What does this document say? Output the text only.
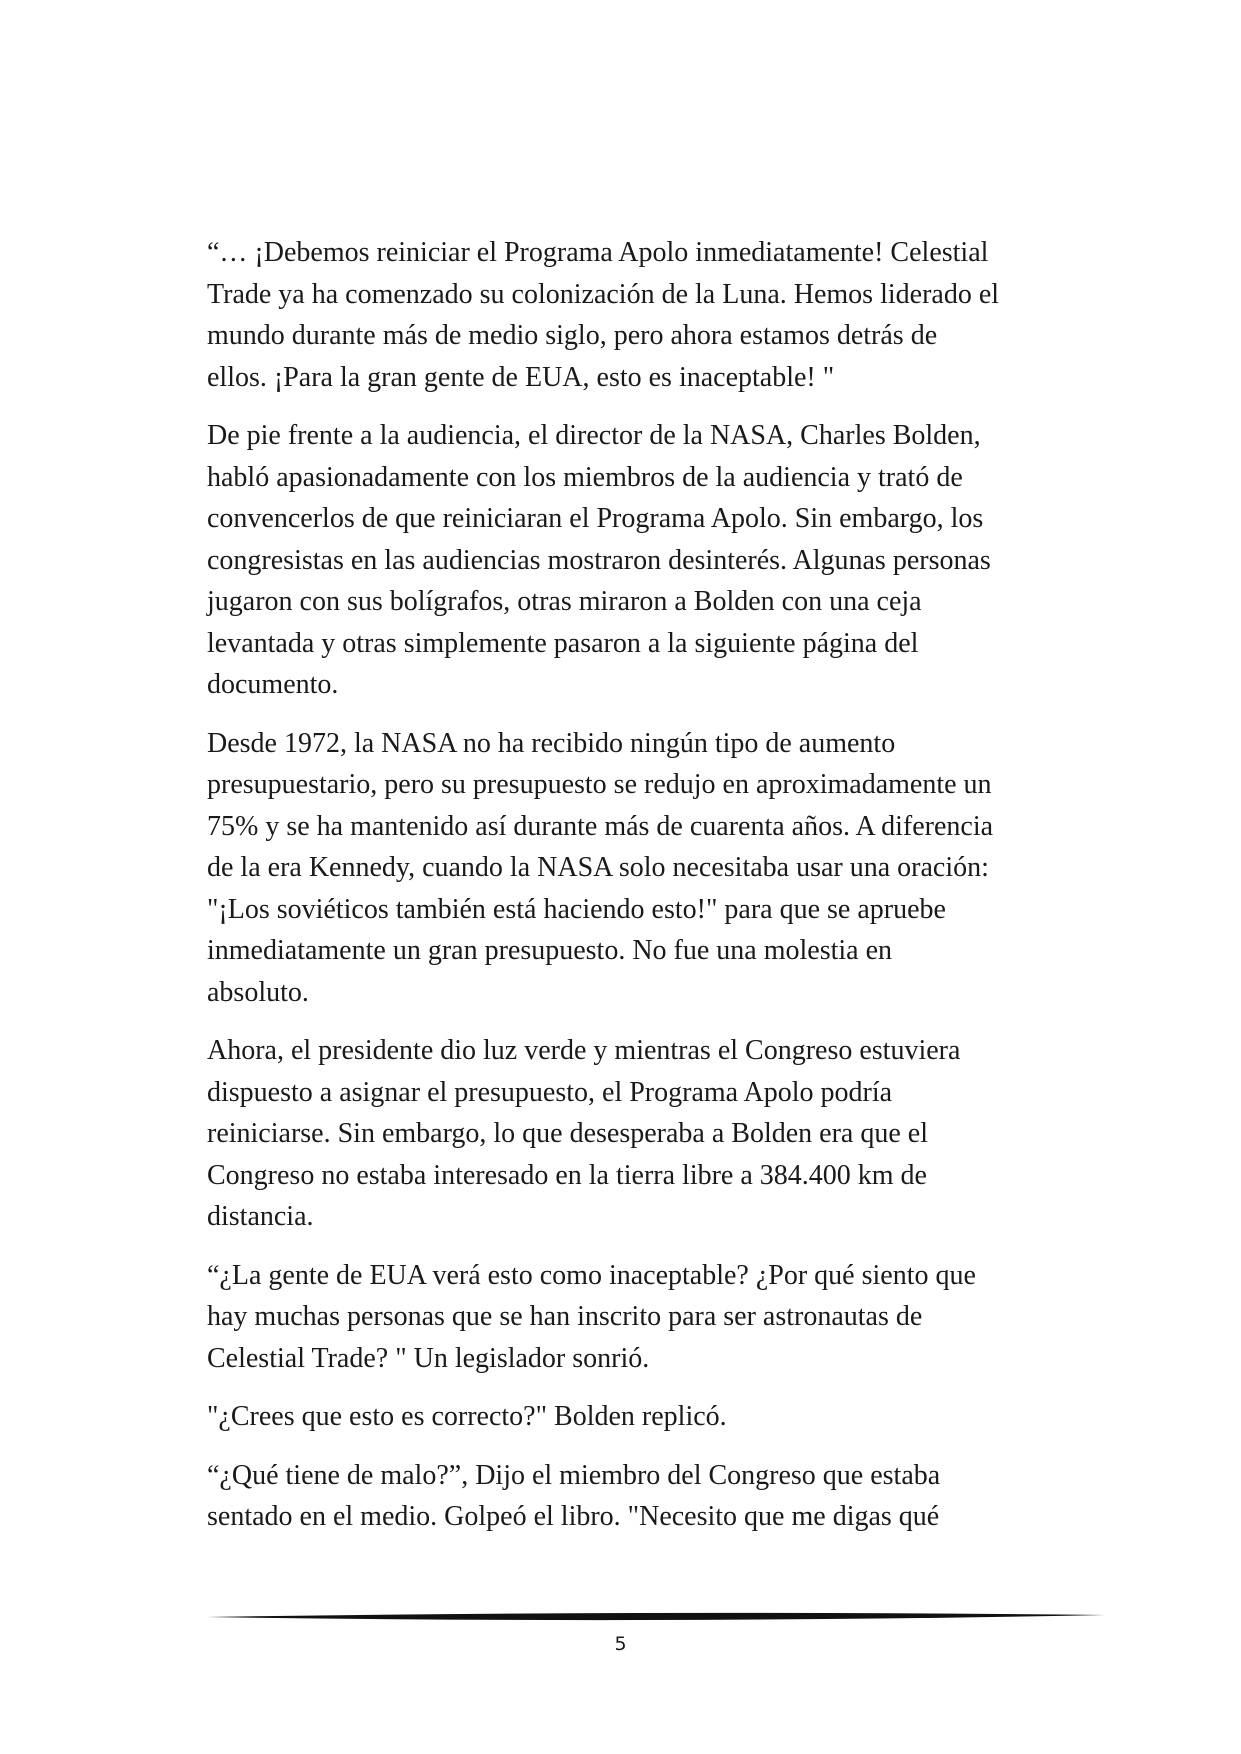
“… ¡Debemos reiniciar el Programa Apolo inmediatamente! Celestial
Trade ya ha comenzado su colonización de la Luna. Hemos liderado el
mundo durante más de medio siglo, pero ahora estamos detrás de
ellos. ¡Para la gran gente de EUA, esto es inaceptable! "

De pie frente a la audiencia, el director de la NASA, Charles Bolden,
habló apasionadamente con los miembros de la audiencia y trató de
convencerlos de que reiniciaran el Programa Apolo. Sin embargo, los
congresistas en las audiencias mostraron desinterés. Algunas personas
jugaron con sus bolígrafos, otras miraron a Bolden con una ceja
levantada y otras simplemente pasaron a la siguiente página del
documento.

Desde 1972, la NASA no ha recibido ningún tipo de aumento
presupuestario, pero su presupuesto se redujo en aproximadamente un
75% y se ha mantenido así durante más de cuarenta años. A diferencia
de la era Kennedy, cuando la NASA solo necesitaba usar una oración:
"¡Los soviéticos también está haciendo esto!" para que se apruebe
inmediatamente un gran presupuesto. No fue una molestia en
absoluto.

Ahora, el presidente dio luz verde y mientras el Congreso estuviera
dispuesto a asignar el presupuesto, el Programa Apolo podría
reiniciarse. Sin embargo, lo que desesperaba a Bolden era que el
Congreso no estaba interesado en la tierra libre a 384.400 km de
distancia.

“¿La gente de EUA verá esto como inaceptable? ¿Por qué siento que
hay muchas personas que se han inscrito para ser astronautas de
Celestial Trade? " Un legislador sonrió.

"¿Crees que esto es correcto?" Bolden replicó.

“¿Qué tiene de malo?”, Dijo el miembro del Congreso que estaba
sentado en el medio. Golpeó el libro. "Necesito que me digas qué

5
